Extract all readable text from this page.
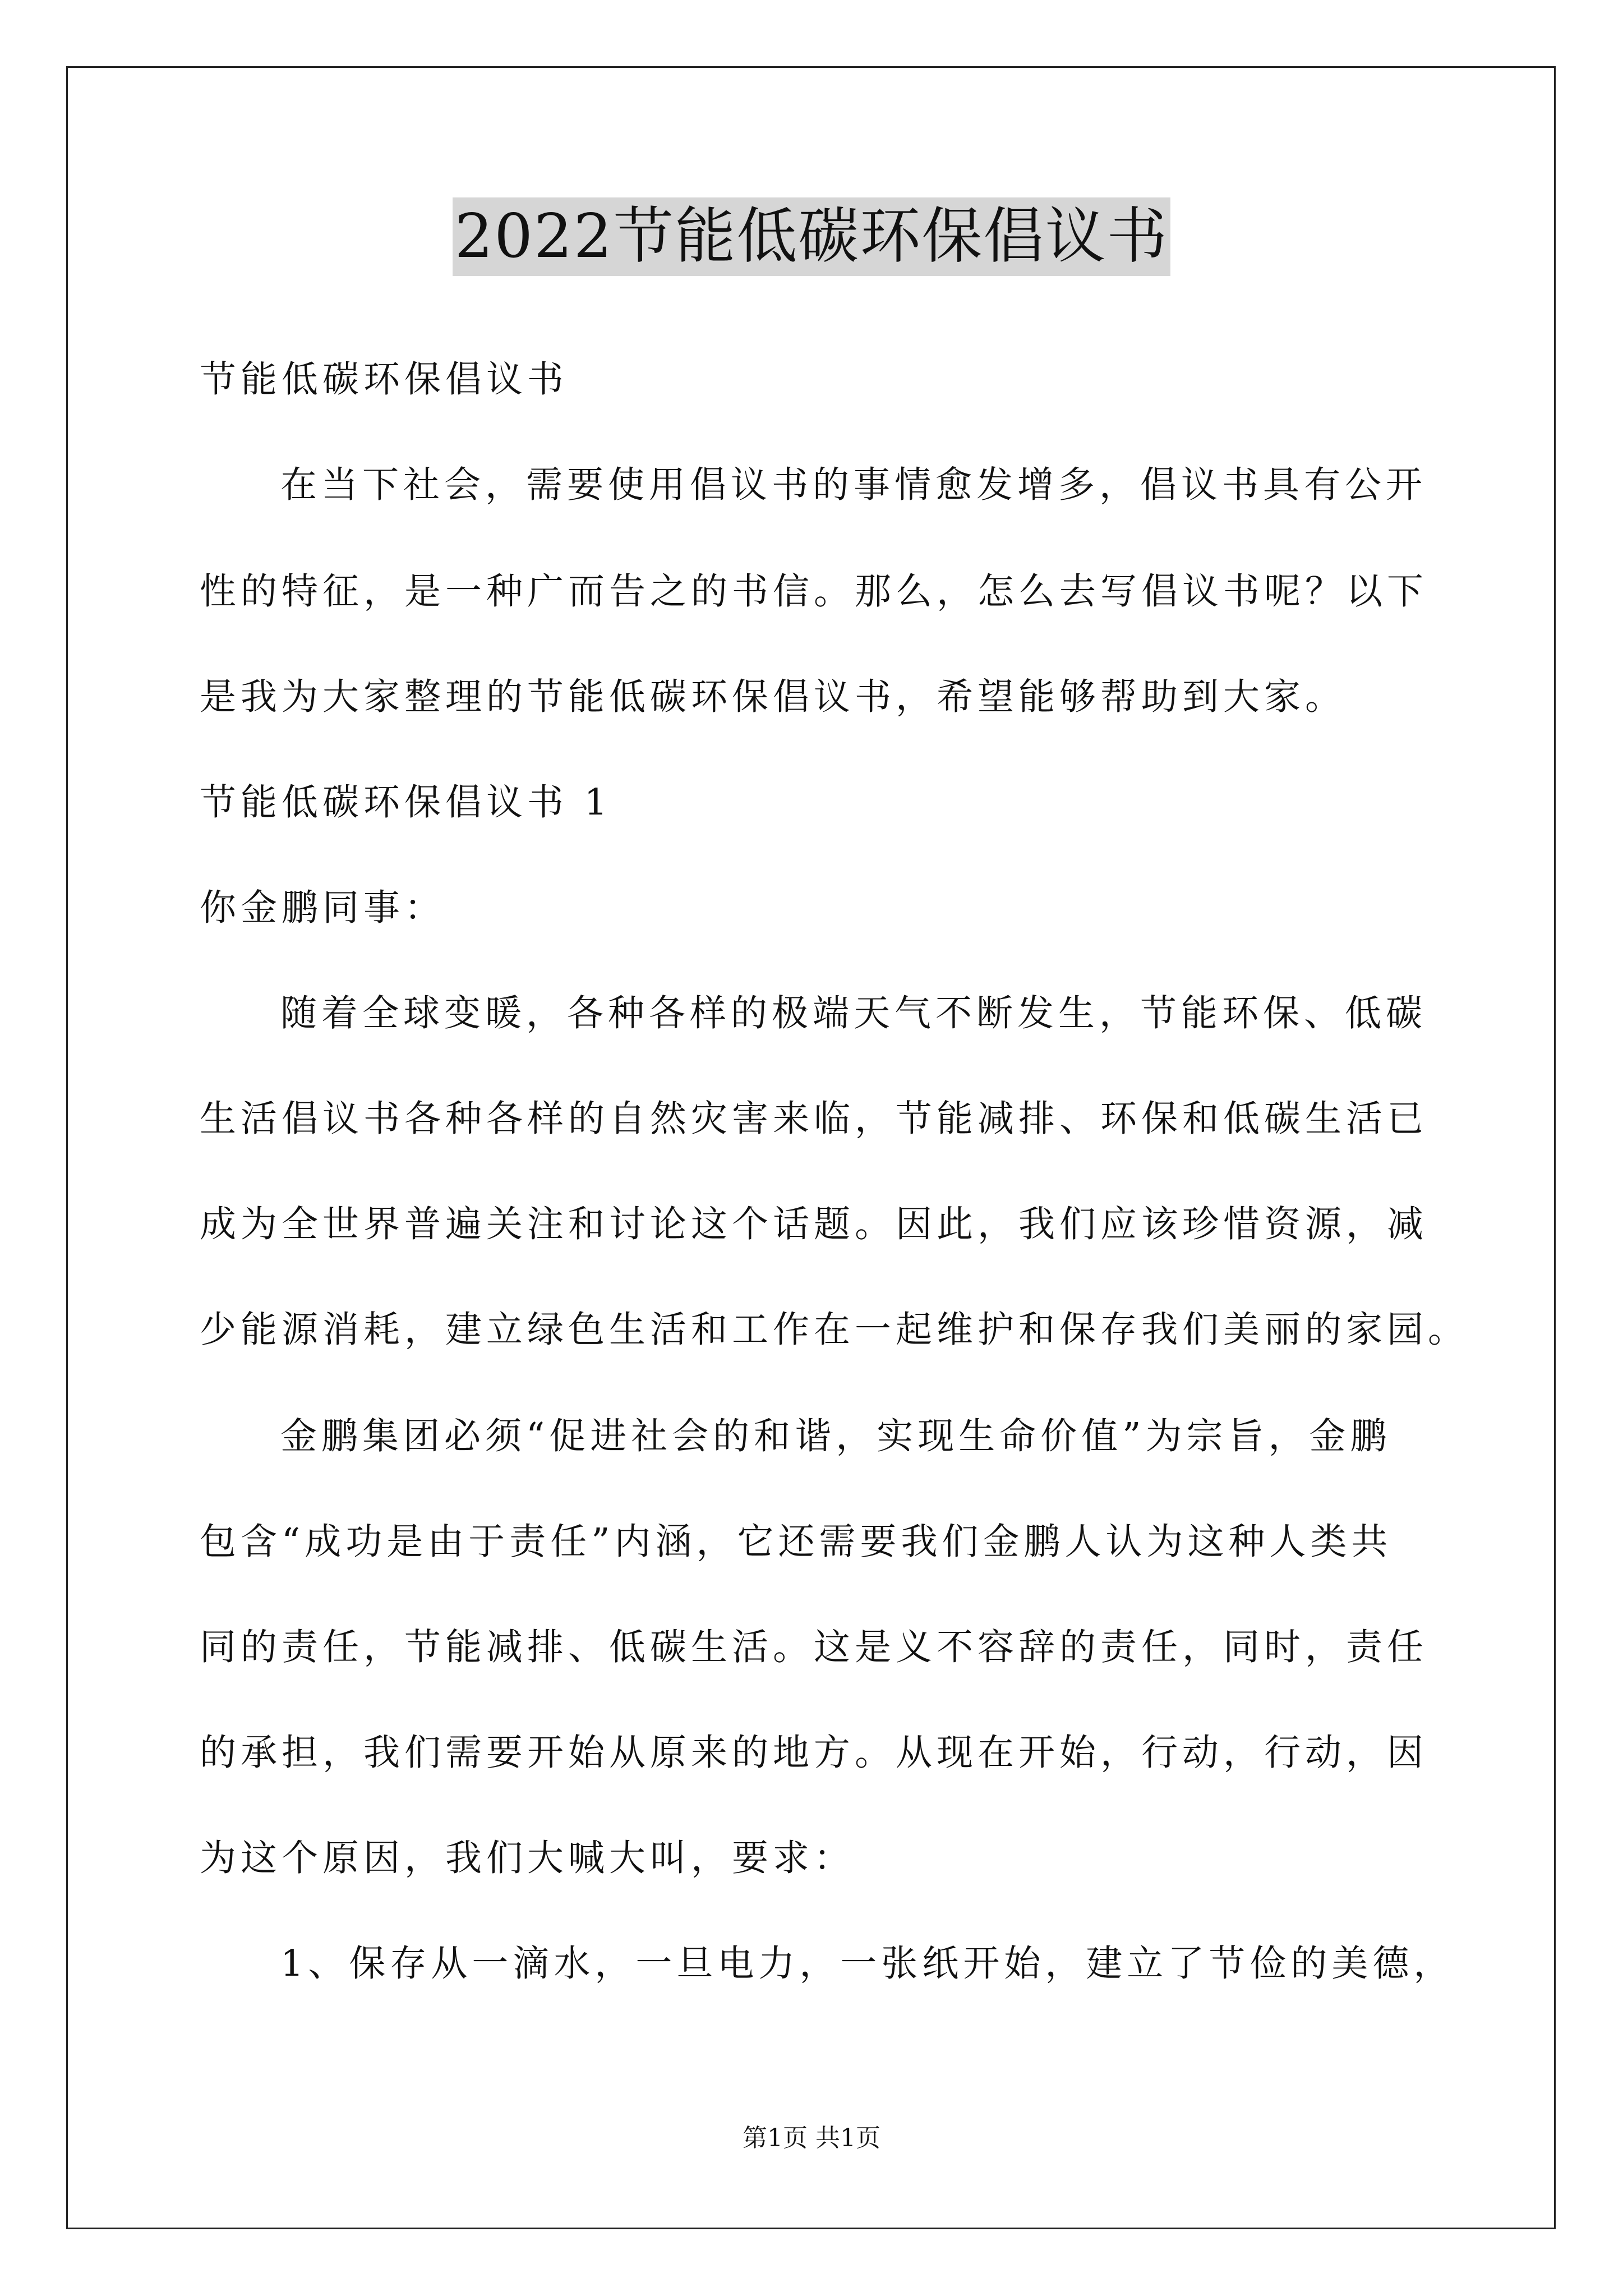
2022节能低碳环保倡议书
节能低碳环保倡议书
在当下社会，需要使用倡议书的事情愈发增多，倡议书具有公开
性的特征，是一种广而告之的书信。那么，怎么去写倡议书呢？以下
是我为大家整理的节能低碳环保倡议书，希望能够帮助到大家。
节能低碳环保倡议书 1
你金鹏同事：
随着全球变暖，各种各样的极端天气不断发生，节能环保、低碳
生活倡议书各种各样的自然灾害来临，节能减排、环保和低碳生活已
成为全世界普遍关注和讨论这个话题。因此，我们应该珍惜资源，减
少能源消耗，建立绿色生活和工作在一起维护和保存我们美丽的家园。
金鹏集团必须“促进社会的和谐，实现生命价值”为宗旨，金鹏
包含“成功是由于责任”内涵，它还需要我们金鹏人认为这种人类共
同的责任，节能减排、低碳生活。这是义不容辞的责任，同时，责任
的承担，我们需要开始从原来的地方。从现在开始，行动，行动，因
为这个原因，我们大喊大叫，要求：
1、保存从一滴水，一旦电力，一张纸开始，建立了节俭的美德，
第1页 共1页
